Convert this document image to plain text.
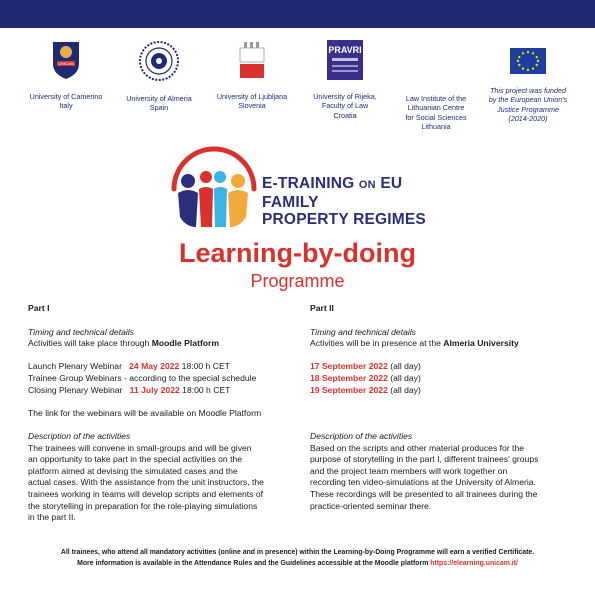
UNICAM
University of Camerino
Italy
University of Almeria
Spain
University of Ljubljana
Slovenia
PRAVRI
University of Rijeka,
Faculty of Law
Croatia
Law Institute of the
Lithuanian Centre
for Social Sciences
Lithuania
This project was funded
by the European Union's
Justice Programme
(2014-2020)
E-TRAINING ON EU FAMILY
PROPERTY REGIMES
Learning-by-doing
Programme

Part I

Timing and technical details

Activities will take place through Moodle Platform

Launch Plenary Webinar 24 May 2022 18:00 h CET

Trainee Group Webinars - according to the special schedule

Closing Plenary Webinar 11 July 2022 18:00 h CET

The link for the webinars will be available on Moodle Platform

Description of the activities

The trainees will convene in small-groups and will be given

an opportunity to take part in the special activities on the

platform aimed at devising the simulated cases and the

actual cases. With the assistance from the unit instructors, the

trainees working in teams will develop scripts and elements of

the storytelling in preparation for the role-playing simulations

in the part II.

Part II

Timing and technical details

Activities will be in presence at the Almeria University

17 September 2022 (all day)

18 September 2022 (all day)

19 September 2022 (all day)

Description of the activities

Based on the scripts and other material produces for the

purpose of storytelling in the part I, different trainees' groups

and the project team members will work together on

recording ten video-simulations at the University of Almeria.

These recordings will be presented to all trainees during the

practice-oriented seminar there.

All trainees, who attend all mandatory activities (online and in presence) within the Learning-by-Doing Programme will earn a verified Certificate.
More information is available in the Attendance Rules and the Guidelines accessible at the Moodle platform https://elearning.unicam.it/
